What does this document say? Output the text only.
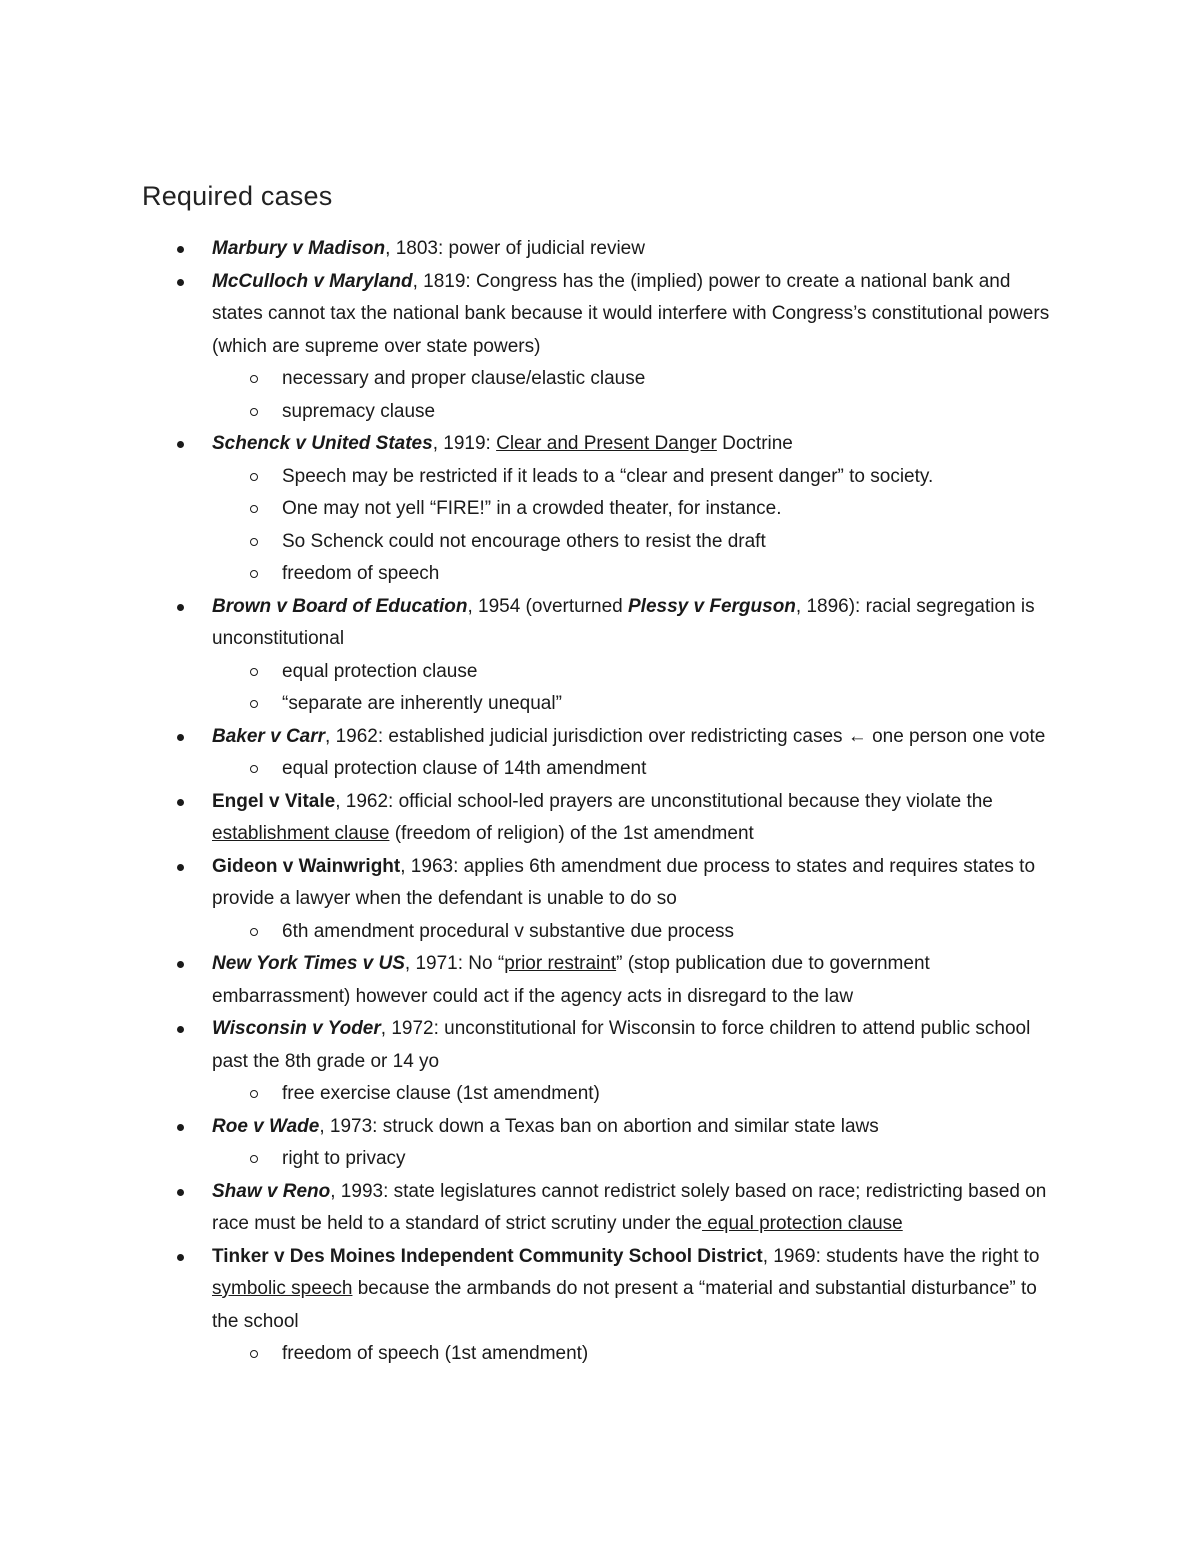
Required cases
Marbury v Madison, 1803: power of judicial review
McCulloch v Maryland, 1819: Congress has the (implied) power to create a national bank and states cannot tax the national bank because it would interfere with Congress’s constitutional powers (which are supreme over state powers)
necessary and proper clause/elastic clause
supremacy clause
Schenck v United States, 1919: Clear and Present Danger Doctrine
Speech may be restricted if it leads to a “clear and present danger” to society.
One may not yell “FIRE!” in a crowded theater, for instance.
So Schenck could not encourage others to resist the draft
freedom of speech
Brown v Board of Education, 1954 (overturned Plessy v Ferguson, 1896): racial segregation is unconstitutional
equal protection clause
“separate are inherently unequal”
Baker v Carr, 1962: established judicial jurisdiction over redistricting cases ← one person one vote
equal protection clause of 14th amendment
Engel v Vitale, 1962: official school-led prayers are unconstitutional because they violate the establishment clause (freedom of religion) of the 1st amendment
Gideon v Wainwright, 1963: applies 6th amendment due process to states and requires states to provide a lawyer when the defendant is unable to do so
6th amendment procedural v substantive due process
New York Times v US, 1971: No “prior restraint” (stop publication due to government embarrassment) however could act if the agency acts in disregard to the law
Wisconsin v Yoder, 1972: unconstitutional for Wisconsin to force children to attend public school past the 8th grade or 14 yo
free exercise clause (1st amendment)
Roe v Wade, 1973: struck down a Texas ban on abortion and similar state laws
right to privacy
Shaw v Reno, 1993: state legislatures cannot redistrict solely based on race; redistricting based on race must be held to a standard of strict scrutiny under the equal protection clause
Tinker v Des Moines Independent Community School District, 1969: students have the right to symbolic speech because the armbands do not present a “material and substantial disturbance” to the school
freedom of speech (1st amendment)
